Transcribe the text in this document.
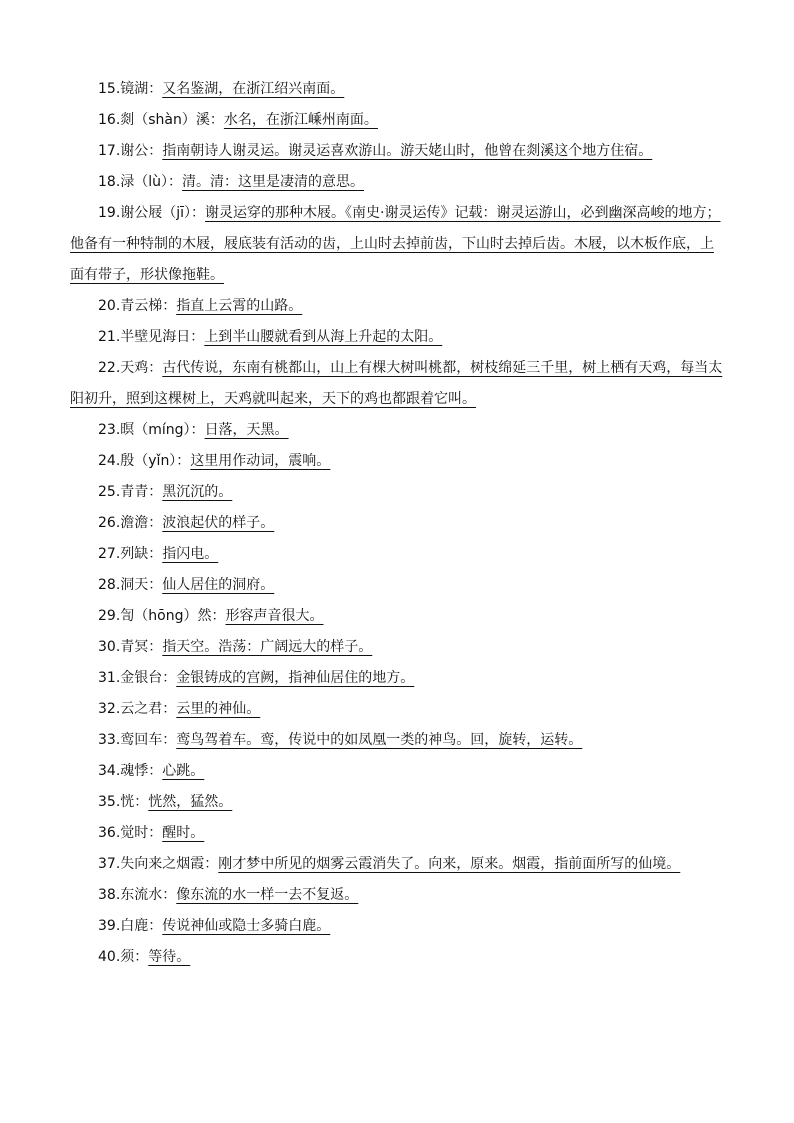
15.镜湖：又名鉴湖，在浙江绍兴南面。

16.剡（shàn）溪：水名，在浙江嵊州南面。

17.谢公：指南朝诗人谢灵运。谢灵运喜欢游山。游天姥山时，他曾在剡溪这个地方住宿。

18.渌（lù）：清。清：这里是凄清的意思。

19.谢公屐（jī）：谢灵运穿的那种木屐。《南史·谢灵运传》记载：谢灵运游山，必到幽深高峻的地方；他备有一种特制的木屐，屐底装有活动的齿，上山时去掉前齿，下山时去掉后齿。木屐，以木板作底，上面有带子，形状像拖鞋。

20.青云梯：指直上云霄的山路。

21.半壁见海日：上到半山腰就看到从海上升起的太阳。

22.天鸡：古代传说，东南有桃都山，山上有棵大树叫桃都，树枝绵延三千里，树上栖有天鸡，每当太阳初升，照到这棵树上，天鸡就叫起来，天下的鸡也都跟着它叫。

23.暝（míng）：日落，天黑。

24.殷（yǐn）：这里用作动词，震响。

25.青青：黑沉沉的。

26.澹澹：波浪起伏的样子。

27.列缺：指闪电。

28.洞天：仙人居住的洞府。

29.訇（hōng）然：形容声音很大。

30.青冥：指天空。浩荡：广阔远大的样子。

31.金银台：金银铸成的宫阙，指神仙居住的地方。

32.云之君：云里的神仙。

33.鸾回车：鸾鸟驾着车。鸾，传说中的如凤凰一类的神鸟。回，旋转，运转。

34.魂悸：心跳。

35.恍：恍然，猛然。

36.觉时：醒时。

37.失向来之烟霞：刚才梦中所见的烟雾云霞消失了。向来，原来。烟霞，指前面所写的仙境。

38.东流水：像东流的水一样一去不复返。

39.白鹿：传说神仙或隐士多骑白鹿。

40.须：等待。
